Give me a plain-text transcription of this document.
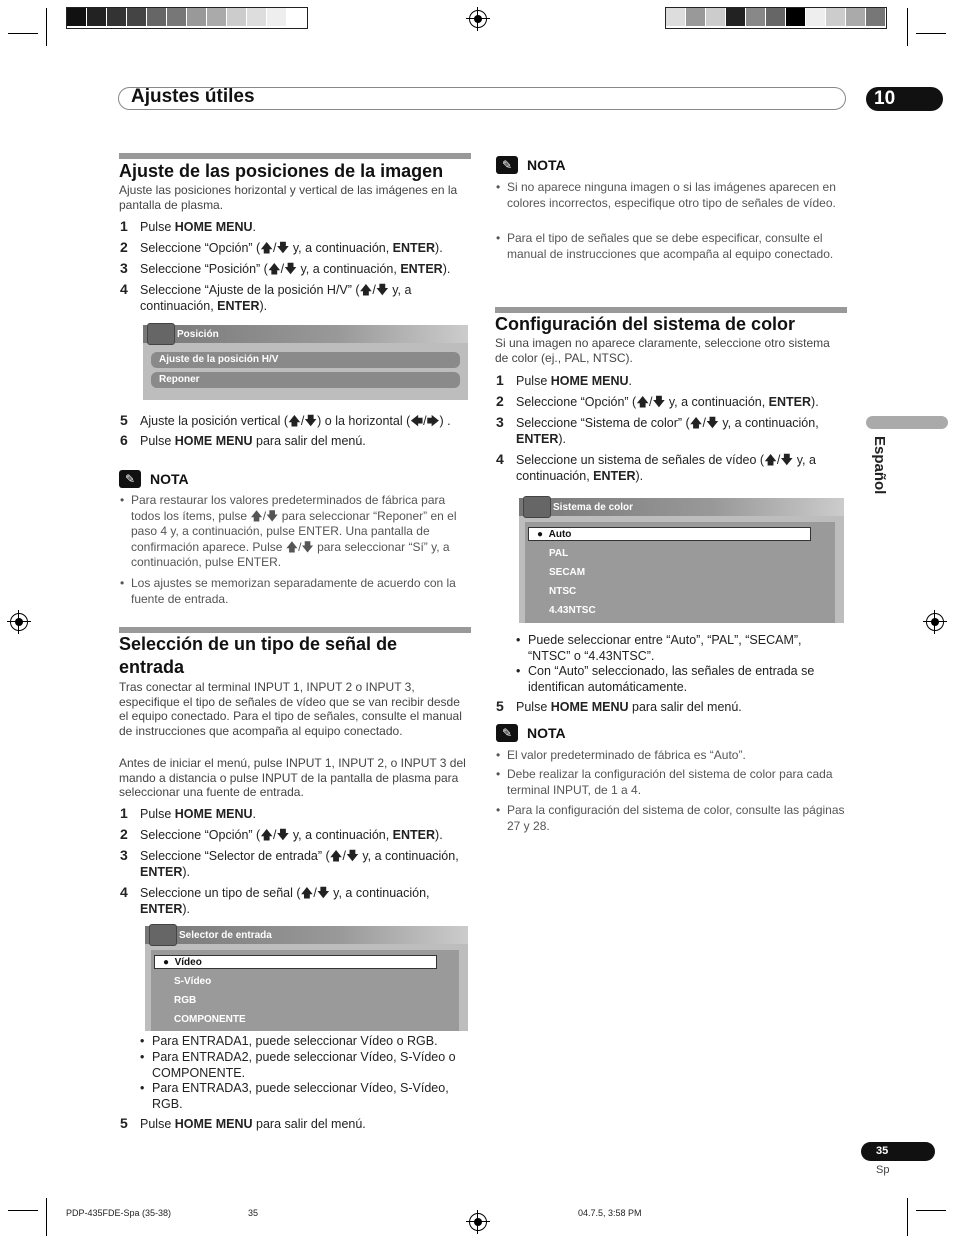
Ajustes útiles	10
Español
Ajuste de las posiciones de la imagen
Ajuste las posiciones horizontal y vertical de las imágenes en la pantalla de plasma.
1 Pulse HOME MENU.
2 Seleccione “Opción” (🡅/🡇 y, a continuación, ENTER).
3 Seleccione “Posición” (🡅/🡇 y, a continuación, ENTER).
4 Seleccione “Ajuste de la posición H/V” (🡅/🡇 y, a continuación, ENTER).
5 Ajuste la posición vertical (🡅/🡇) o la horizontal (🡄/🡆) .
6 Pulse HOME MENU para salir del menú.
Posición
Ajuste de la posición H/V
Reponer
✎	NOTA
• Para restaurar los valores predeterminados de fábrica para todos los ítems, pulse 🡅/🡇 para seleccionar “Reponer” en el paso 4 y, a continuación, pulse ENTER. Una pantalla de confirmación aparece. Pulse 🡅/🡇 para seleccionar “Sí” y, a continuación, pulse ENTER.
• Los ajustes se memorizan separadamente de acuerdo con la fuente de entrada.
Selección de un tipo de señal de entrada
Tras conectar al terminal INPUT 1, INPUT 2 o INPUT 3, especifique el tipo de señales de vídeo que se van recibir desde el equipo conectado. Para el tipo de señales, consulte el manual de instrucciones que acompaña al equipo conectado.
Antes de iniciar el menú, pulse INPUT 1, INPUT 2, o INPUT 3 del mando a distancia o pulse INPUT de la pantalla de plasma para seleccionar una fuente de entrada.
1 Pulse HOME MENU.
2 Seleccione “Opción” (🡅/🡇 y, a continuación, ENTER).
3 Seleccione “Selector de entrada” (🡅/🡇 y, a continuación, ENTER).
4 Seleccione un tipo de señal (🡅/🡇 y, a continuación, ENTER).
Selector de entrada
●  Vídeo
S-Vídeo
RGB
COMPONENTE
• Para ENTRADA1, puede seleccionar Vídeo o RGB.
• Para ENTRADA2, puede seleccionar Vídeo, S-Vídeo o COMPONENTE.
• Para ENTRADA3, puede seleccionar Vídeo, S-Vídeo, RGB.
5 Pulse HOME MENU para salir del menú.
✎	NOTA
• Si no aparece ninguna imagen o si las imágenes aparecen en colores incorrectos, especifique otro tipo de señales de vídeo.
• Para el tipo de señales que se debe especificar, consulte el manual de instrucciones que acompaña al equipo conectado.
Configuración del sistema de color
Si una imagen no aparece claramente, seleccione otro sistema de color (ej., PAL, NTSC).
1 Pulse HOME MENU.
2 Seleccione “Opción” (🡅/🡇 y, a continuación, ENTER).
3 Seleccione “Sistema de color” (🡅/🡇 y, a continuación, ENTER).
4 Seleccione un sistema de señales de vídeo (🡅/🡇 y, a continuación, ENTER).
Sistema de color
●  Auto
PAL
SECAM
NTSC
4.43NTSC
• Puede seleccionar entre “Auto”, “PAL”, “SECAM”, “NTSC” o “4.43NTSC”.
• Con “Auto” seleccionado, las señales de entrada se identifican automáticamente.
5 Pulse HOME MENU para salir del menú.
✎	NOTA
• El valor predeterminado de fábrica es “Auto”.
• Debe realizar la configuración del sistema de color para cada terminal INPUT, de 1 a 4.
• Para la configuración del sistema de color, consulte las páginas 27 y 28.
35
Sp
PDP-435FDE-Spa (35-38)	35	04.7.5, 3:58 PM
